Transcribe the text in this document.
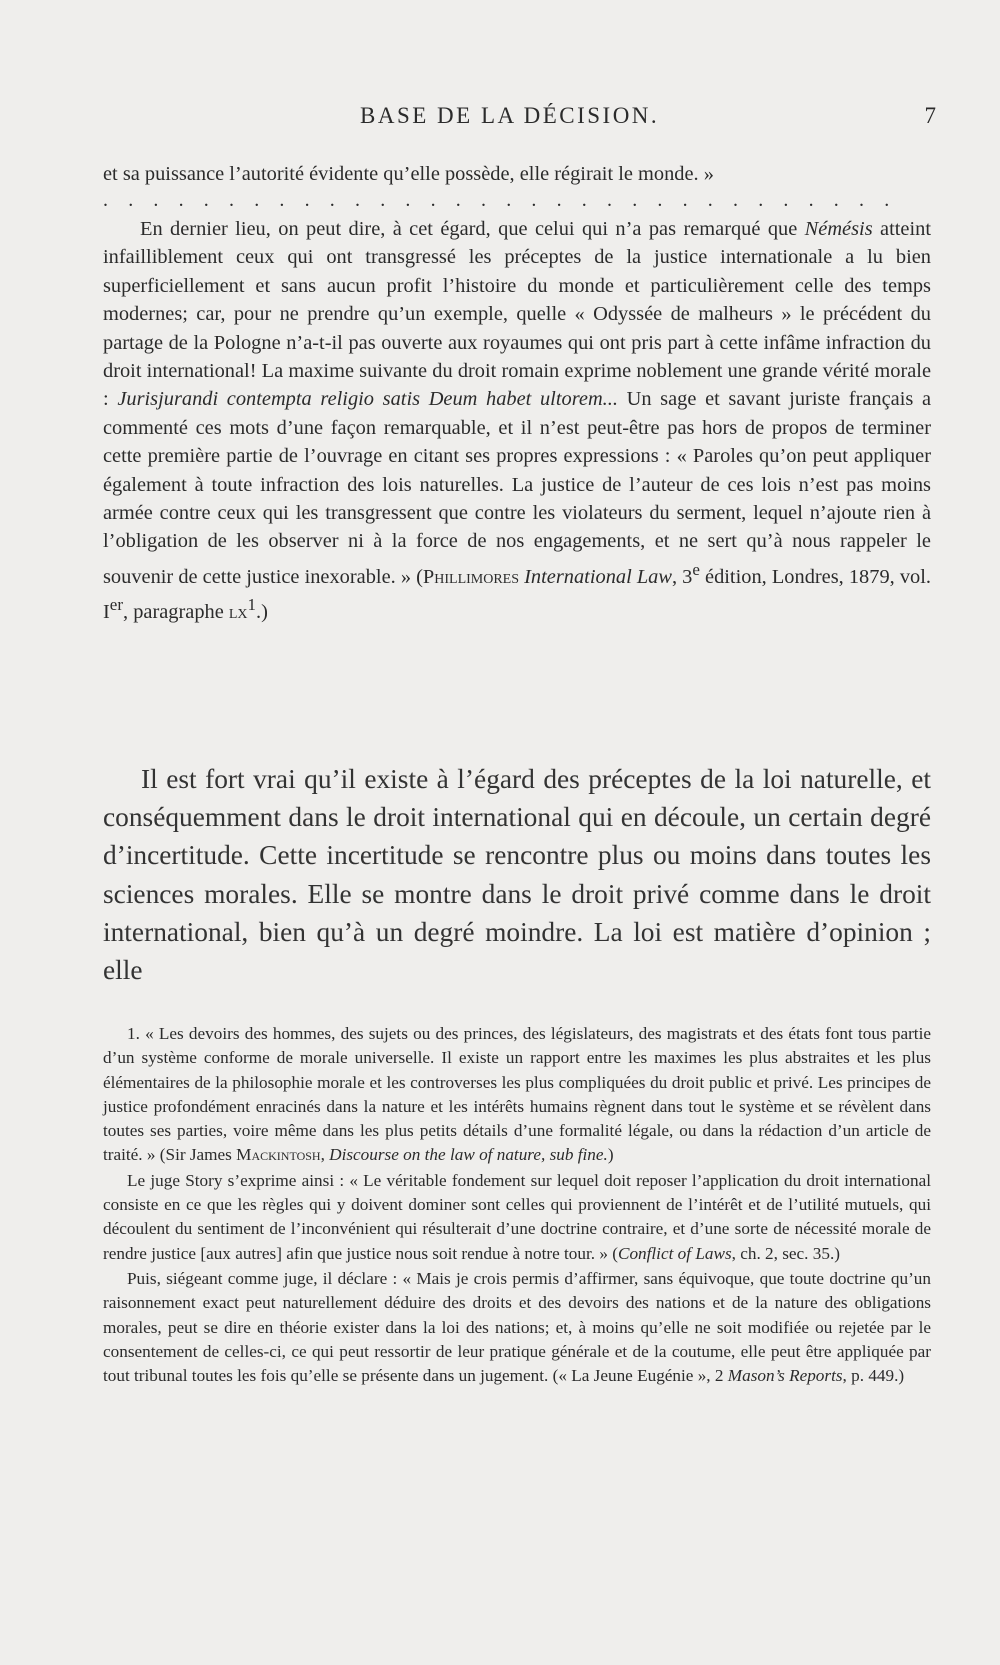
BASE DE LA DÉCISION.	7

et sa puissance l’autorité évidente qu’elle possède, elle régirait le monde. »

. . . . . . . . . . . . . . . . . . . . . . . . . . . . . . . .

En dernier lieu, on peut dire, à cet égard, que celui qui n’a pas remarqué que Némésis atteint infailliblement ceux qui ont transgressé les préceptes de la justice internationale a lu bien superficiellement et sans aucun profit l’histoire du monde et particulièrement celle des temps modernes; car, pour ne prendre qu’un exemple, quelle « Odyssée de malheurs » le précédent du partage de la Pologne n’a-t-il pas ouverte aux royaumes qui ont pris part à cette infâme infraction du droit international! La maxime suivante du droit romain exprime noblement une grande vérité morale : Jurisjurandi contempta religio satis Deum habet ultorem... Un sage et savant juriste français a commenté ces mots d’une façon remarquable, et il n’est peut-être pas hors de propos de terminer cette première partie de l’ouvrage en citant ses propres expressions : « Paroles qu’on peut appliquer également à toute infraction des lois naturelles. La justice de l’auteur de ces lois n’est pas moins armée contre ceux qui les transgressent que contre les violateurs du serment, lequel n’ajoute rien à l’obligation de les observer ni à la force de nos engagements, et ne sert qu’à nous rappeler le souvenir de cette justice inexorable. » (Phillimores International Law, 3e édition, Londres, 1879, vol. Ier, paragraphe $lx^1$.)

Il est fort vrai qu’il existe à l’égard des préceptes de la loi naturelle, et conséquemment dans le droit international qui en découle, un certain degré d’incertitude. Cette incertitude se rencontre plus ou moins dans toutes les sciences morales. Elle se montre dans le droit privé comme dans le droit international, bien qu’à un degré moindre. La loi est matière d’opinion ; elle

1. « Les devoirs des hommes, des sujets ou des princes, des législateurs, des magistrats et des états font tous partie d’un système conforme de morale universelle. Il existe un rapport entre les maximes les plus abstraites et les plus élémentaires de la philosophie morale et les controverses les plus compliquées du droit public et privé. Les principes de justice profondément enracinés dans la nature et les intérêts humains règnent dans tout le système et se révèlent dans toutes ses parties, voire même dans les plus petits détails d’une formalité légale, ou dans la rédaction d’un article de traité. » (Sir James Mackintosh, Discourse on the law of nature, sub fine.)

Le juge Story s’exprime ainsi : « Le véritable fondement sur lequel doit reposer l’application du droit international consiste en ce que les règles qui y doivent dominer sont celles qui proviennent de l’intérêt et de l’utilité mutuels, qui découlent du sentiment de l’inconvénient qui résulterait d’une doctrine contraire, et d’une sorte de nécessité morale de rendre justice [aux autres] afin que justice nous soit rendue à notre tour. » (Conflict of Laws, ch. 2, sec. 35.)

Puis, siégeant comme juge, il déclare : « Mais je crois permis d’affirmer, sans équivoque, que toute doctrine qu’un raisonnement exact peut naturellement déduire des droits et des devoirs des nations et de la nature des obligations morales, peut se dire en théorie exister dans la loi des nations; et, à moins qu’elle ne soit modifiée ou rejetée par le consentement de celles-ci, ce qui peut ressortir de leur pratique générale et de la coutume, elle peut être appliquée par tout tribunal toutes les fois qu’elle se présente dans un jugement. (« La Jeune Eugénie », 2 Mason’s Reports, p. 449.)
